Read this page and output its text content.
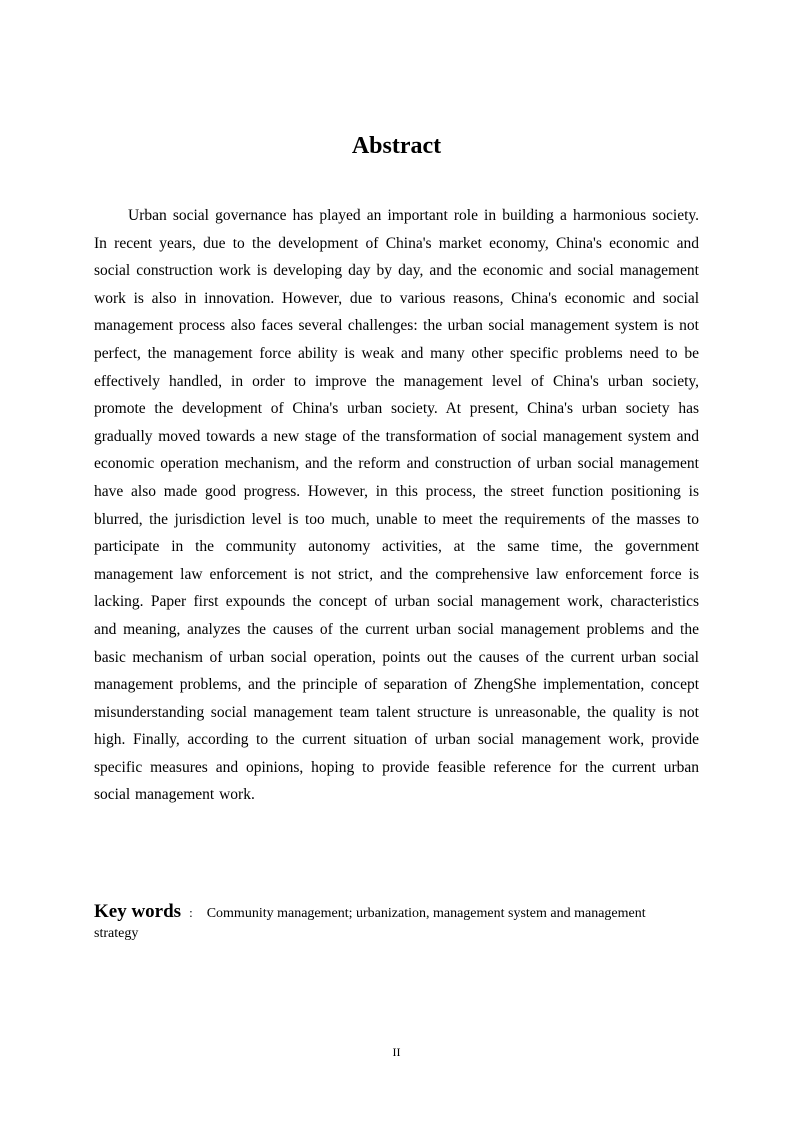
Abstract

Urban social governance has played an important role in building a harmonious society. In recent years, due to the development of China's market economy, China's economic and social construction work is developing day by day, and the economic and social management work is also in innovation. However, due to various reasons, China's economic and social management process also faces several challenges: the urban social management system is not perfect, the management force ability is weak and many other specific problems need to be effectively handled, in order to improve the management level of China's urban society, promote the development of China's urban society. At present, China's urban society has gradually moved towards a new stage of the transformation of social management system and economic operation mechanism, and the reform and construction of urban social management have also made good progress. However, in this process, the street function positioning is blurred, the jurisdiction level is too much, unable to meet the requirements of the masses to participate in the community autonomy activities, at the same time, the government management law enforcement is not strict, and the comprehensive law enforcement force is lacking. Paper first expounds the concept of urban social management work, characteristics and meaning, analyzes the causes of the current urban social management problems and the basic mechanism of urban social operation, points out the causes of the current urban social management problems, and the principle of separation of ZhengShe implementation, concept misunderstanding social management team talent structure is unreasonable, the quality is not high. Finally, according to the current situation of urban social management work, provide specific measures and opinions, hoping to provide feasible reference for the current urban social management work.

Key words : Community management; urbanization, management system and management
strategy
II
